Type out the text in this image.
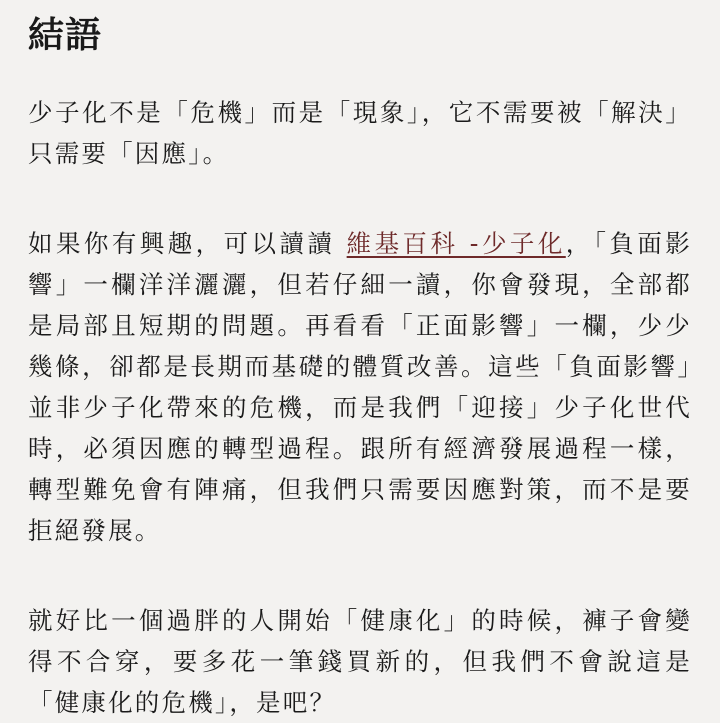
結語

少子化不是「危機」而是「現象」，它不需要被「解決」只需要「因應」。

如果你有興趣，可以讀讀 維基百科 -少子化，「負面影響」一欄洋洋灑灑，但若仔細一讀，你會發現，全部都是局部且短期的問題。再看看「正面影響」一欄，少少幾條，卻都是長期而基礎的體質改善。這些「負面影響」並非少子化帶來的危機，而是我們「迎接」少子化世代時，必須因應的轉型過程。跟所有經濟發展過程一樣，轉型難免會有陣痛，但我們只需要因應對策，而不是要拒絕發展。

就好比一個過胖的人開始「健康化」的時候，褲子會變得不合穿，要多花一筆錢買新的，但我們不會說這是「健康化的危機」，是吧？
